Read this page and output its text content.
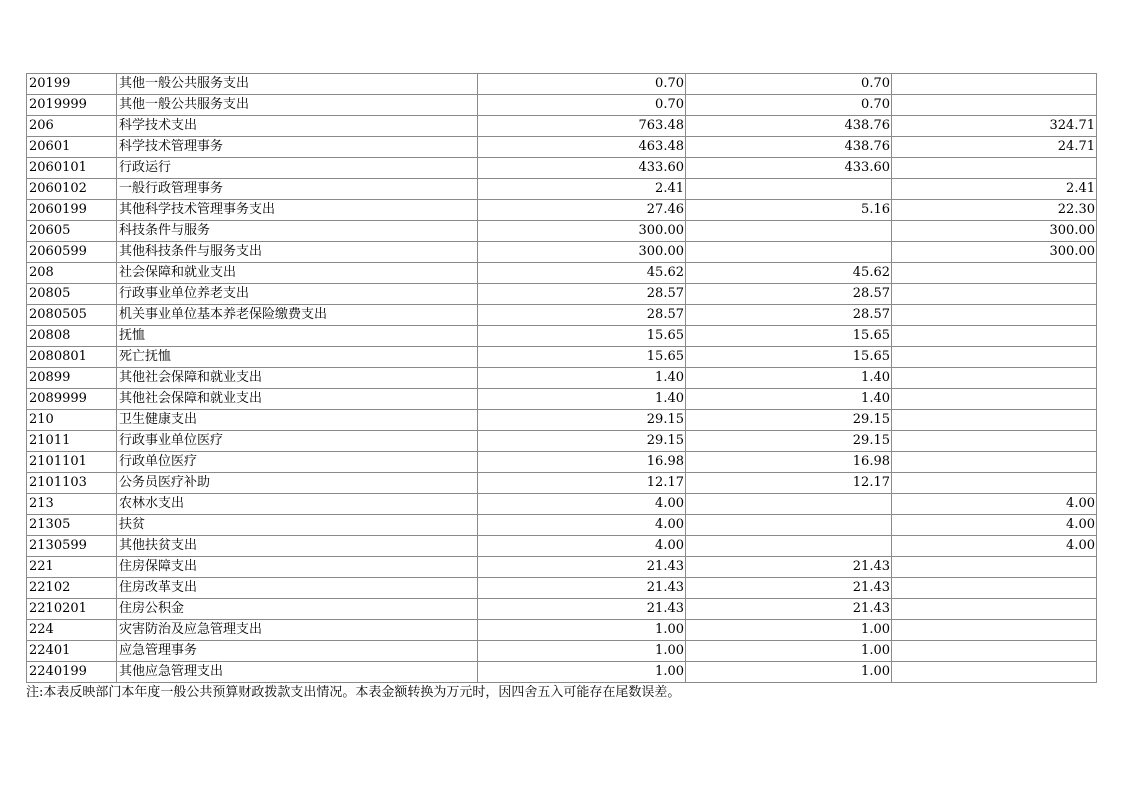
20199	其他一般公共服务支出	0.70	0.70	
2019999	其他一般公共服务支出	0.70	0.70	
206	科学技术支出	763.48	438.76	324.71
20601	科学技术管理事务	463.48	438.76	24.71
2060101	行政运行	433.60	433.60	
2060102	一般行政管理事务	2.41		2.41
2060199	其他科学技术管理事务支出	27.46	5.16	22.30
20605	科技条件与服务	300.00		300.00
2060599	其他科技条件与服务支出	300.00		300.00
208	社会保障和就业支出	45.62	45.62	
20805	行政事业单位养老支出	28.57	28.57	
2080505	机关事业单位基本养老保险缴费支出	28.57	28.57	
20808	抚恤	15.65	15.65	
2080801	死亡抚恤	15.65	15.65	
20899	其他社会保障和就业支出	1.40	1.40	
2089999	其他社会保障和就业支出	1.40	1.40	
210	卫生健康支出	29.15	29.15	
21011	行政事业单位医疗	29.15	29.15	
2101101	行政单位医疗	16.98	16.98	
2101103	公务员医疗补助	12.17	12.17	
213	农林水支出	4.00		4.00
21305	扶贫	4.00		4.00
2130599	其他扶贫支出	4.00		4.00
221	住房保障支出	21.43	21.43	
22102	住房改革支出	21.43	21.43	
2210201	住房公积金	21.43	21.43	
224	灾害防治及应急管理支出	1.00	1.00	
22401	应急管理事务	1.00	1.00	
2240199	其他应急管理支出	1.00	1.00	
注:本表反映部门本年度一般公共预算财政拨款支出情况。本表金额转换为万元时，因四舍五入可能存在尾数误差。
